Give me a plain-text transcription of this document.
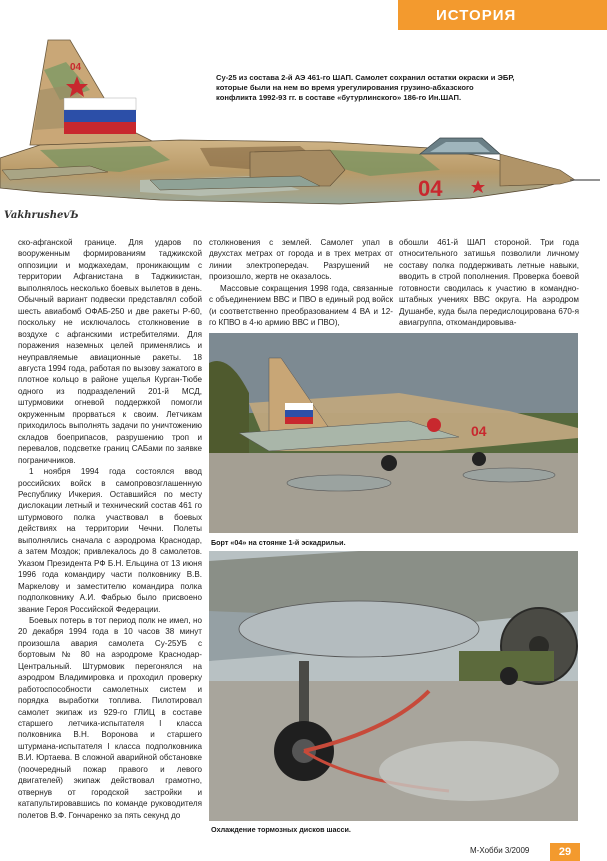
ИСТОРИЯ
04
04
Су-25 из состава 2-й АЭ 461-го ШАП. Самолет сохранил остатки окраски и ЭБР, которые были на нем во время урегулирования грузино-абхазского конфликта 1992-93 гг. в составе «бутурлинского» 186-го Ин.ШАП.
VakhrushevЪ

ско-афганской границе. Для ударов по вооруженным формированиям таджикской оппозиции и моджахедам, проникающим с территории Афганистана в Таджикистан, выполнялось несколько боевых вылетов в день. Обычный вариант подвески представлял собой шесть авиабомб ОФАБ-250 и две ракеты Р-60, поскольку не исключалось столкновение в воздухе с афганскими истребителями. Для поражения наземных целей применялись и неуправляемые авиационные ракеты. 18 августа 1994 года, работая по вызову зажатого в плотное кольцо в районе ущелья Курган-Тюбе одного из подразделений 201-й МСД, штурмовики огневой поддержкой помогли окруженным прорваться к своим. Летчикам приходилось выполнять задачи по уничтожению складов боеприпасов, разрушению троп и перевалов, подсветке границ САБами по заявке пограничников.

1 ноября 1994 года состоялся ввод российских войск в самопровозглашенную Республику Ичкерия. Оставшийся по месту дислокации летный и технический состав 461 го штурмового полка участвовал в боевых действиях на территории Чечни. Полеты выполнялись сначала с аэродрома Краснодар, а затем Моздок; привлекалось до 8 самолетов. Указом Президента РФ Б.Н. Ельцина от 13 июня 1996 года командиру части полковнику В.В. Маркелову и заместителю командира полка подполковнику А.И. Фабрью было присвоено звание Героя Российской Федерации.

Боевых потерь в тот период полк не имел, но 20 декабря 1994 года в 10 часов 38 минут произошла авария самолета Су-25УБ с бортовым № 80 на аэродроме Краснодар-Центральный. Штурмовик перегонялся на аэродром Владимировка и проходил проверку работоспособности самолетных систем и порядка выработки топлива. Пилотировал самолет экипаж из 929-го ГЛИЦ в составе старшего летчика-испытателя I класса полковника В.Н. Воронова и старшего штурмана-испытателя I класса подполковника В.И. Юртаева. В сложной аварийной обстановке (поочередный пожар правого и левого двигателей) экипаж действовал грамотно, отвернув от городской застройки и катапультировавшись по команде руководителя полетов В.Ф. Гончаренко за пять секунд до

столкновения с землей. Самолет упал в двухстах метрах от города и в трех метрах от линии электропередач. Разрушений не произошло, жертв не оказалось.

Массовые сокращения 1998 года, связанные с объединением ВВС и ПВО в единый род войск (и соответственно преобразованием 4 ВА и 12-го КПВО в 4-ю армию ВВС и ПВО),

обошли 461-й ШАП стороной. Три года относительного затишья позволили личному составу полка поддерживать летные навыки, вводить в строй пополнения. Проверка боевой готовности сводилась к участию в командно-штабных учениях ВВС округа. На аэродром Душанбе, куда была передислоцирована 670-я авиагруппа, откомандировыва-

04
Борт «04» на стоянке 1-й эскадрильи.
Охлаждение тормозных дисков шасси.
М-Хобби 3/2009	29
